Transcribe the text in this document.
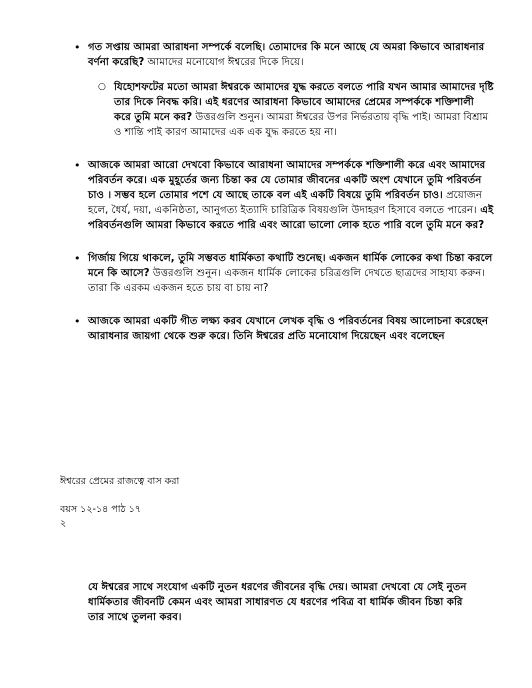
• গত সপ্তায় আমরা আরাধনা সম্পর্কে বলেছি। তোমাদের কি মনে আছে যে অমরা কিভাবে আরাধনার বর্ণনা করেছি? আমাদের মনোযোগ ঈশ্বরের দিকে দিয়ে।
○ যিহোশফটের মতো আমরা ঈশ্বরকে আমাদের যুদ্ধ করতে বলতে পারি যখন আমার আমাদের দৃষ্টি তার দিকে নিবদ্ধ করি। এই ধরণের আরাধনা কিভাবে আমাদের প্রেমের সম্পর্ককে শক্তিশালী করে তুমি মনে কর? উত্তরগুলি শুনুন। আমরা ঈশ্বরের উপর নির্ভরতায় বৃদ্ধি পাই। আমরা বিশ্রাম ও শান্তি পাই কারণ আমাদের এক এক যুদ্ধ করতে হয় না।
• আজকে আমরা আরো দেখবো কিভাবে আরাধনা আমাদের সম্পর্ককে শক্তিশালী করে এবং আমাদের পরিবর্তন করে। এক মুহূর্তের জন্য চিন্তা কর যে তোমার জীবনের একটি অংশ যেখানে তুমি পরিবর্তন চাও । সম্ভব হলে তোমার পশে যে আছে তাকে বল এই একটি বিষয়ে তুমি পরিবর্তন চাও। প্রয়োজন হলে, ধৈর্য, দয়া, একনিষ্ঠতা, আনুগত্য ইত্যাদি চারিত্রিক বিষয়গুলি উদাহরণ হিসাবে বলতে পারেন। এই পরিবর্তনগুলি আমরা কিভাবে করতে পারি এবং আরো ভালো লোক হতে পারি বলে তুমি মনে কর?
• গির্জায় গিয়ে থাকলে, তুমি সম্ভবত ধার্মিকতা কথাটি শুনেছ। একজন ধার্মিক লোকের কথা চিন্তা করলে মনে কি আসে? উত্তরগুলি শুনুন। একজন ধার্মিক লোকের চরিত্রগুলি দেখতে ছাত্রদের সাহায্য করুন। তারা কি এরকম একজন হতে চায় বা চায় না?
• আজকে আমরা একটি গীত লক্ষ্য করব যেখানে লেখক বৃদ্ধি ও পরিবর্তনের বিষয় আলোচনা করেছেন আরাধনার জায়গা থেকে শুরু করে। তিনি ঈশ্বরের প্রতি মনোযোগ দিয়েছেন এবং বলেছেন
ঈশ্বরের প্রেমের রাজত্বে বাস করা
বয়স ১২-১৪ পাঠ ১৭
২
যে ঈশ্বরের সাথে সংযোগ একটি নুতন ধরণের জীবনের বৃদ্ধি দেয়। আমরা দেখবো যে সেই নুতন ধার্মিকতার জীবনটি কেমন এবং আমরা সাধারণত যে ধরণের পবিত্র বা ধার্মিক জীবন চিন্তা করি তার সাথে তুলনা করব।
